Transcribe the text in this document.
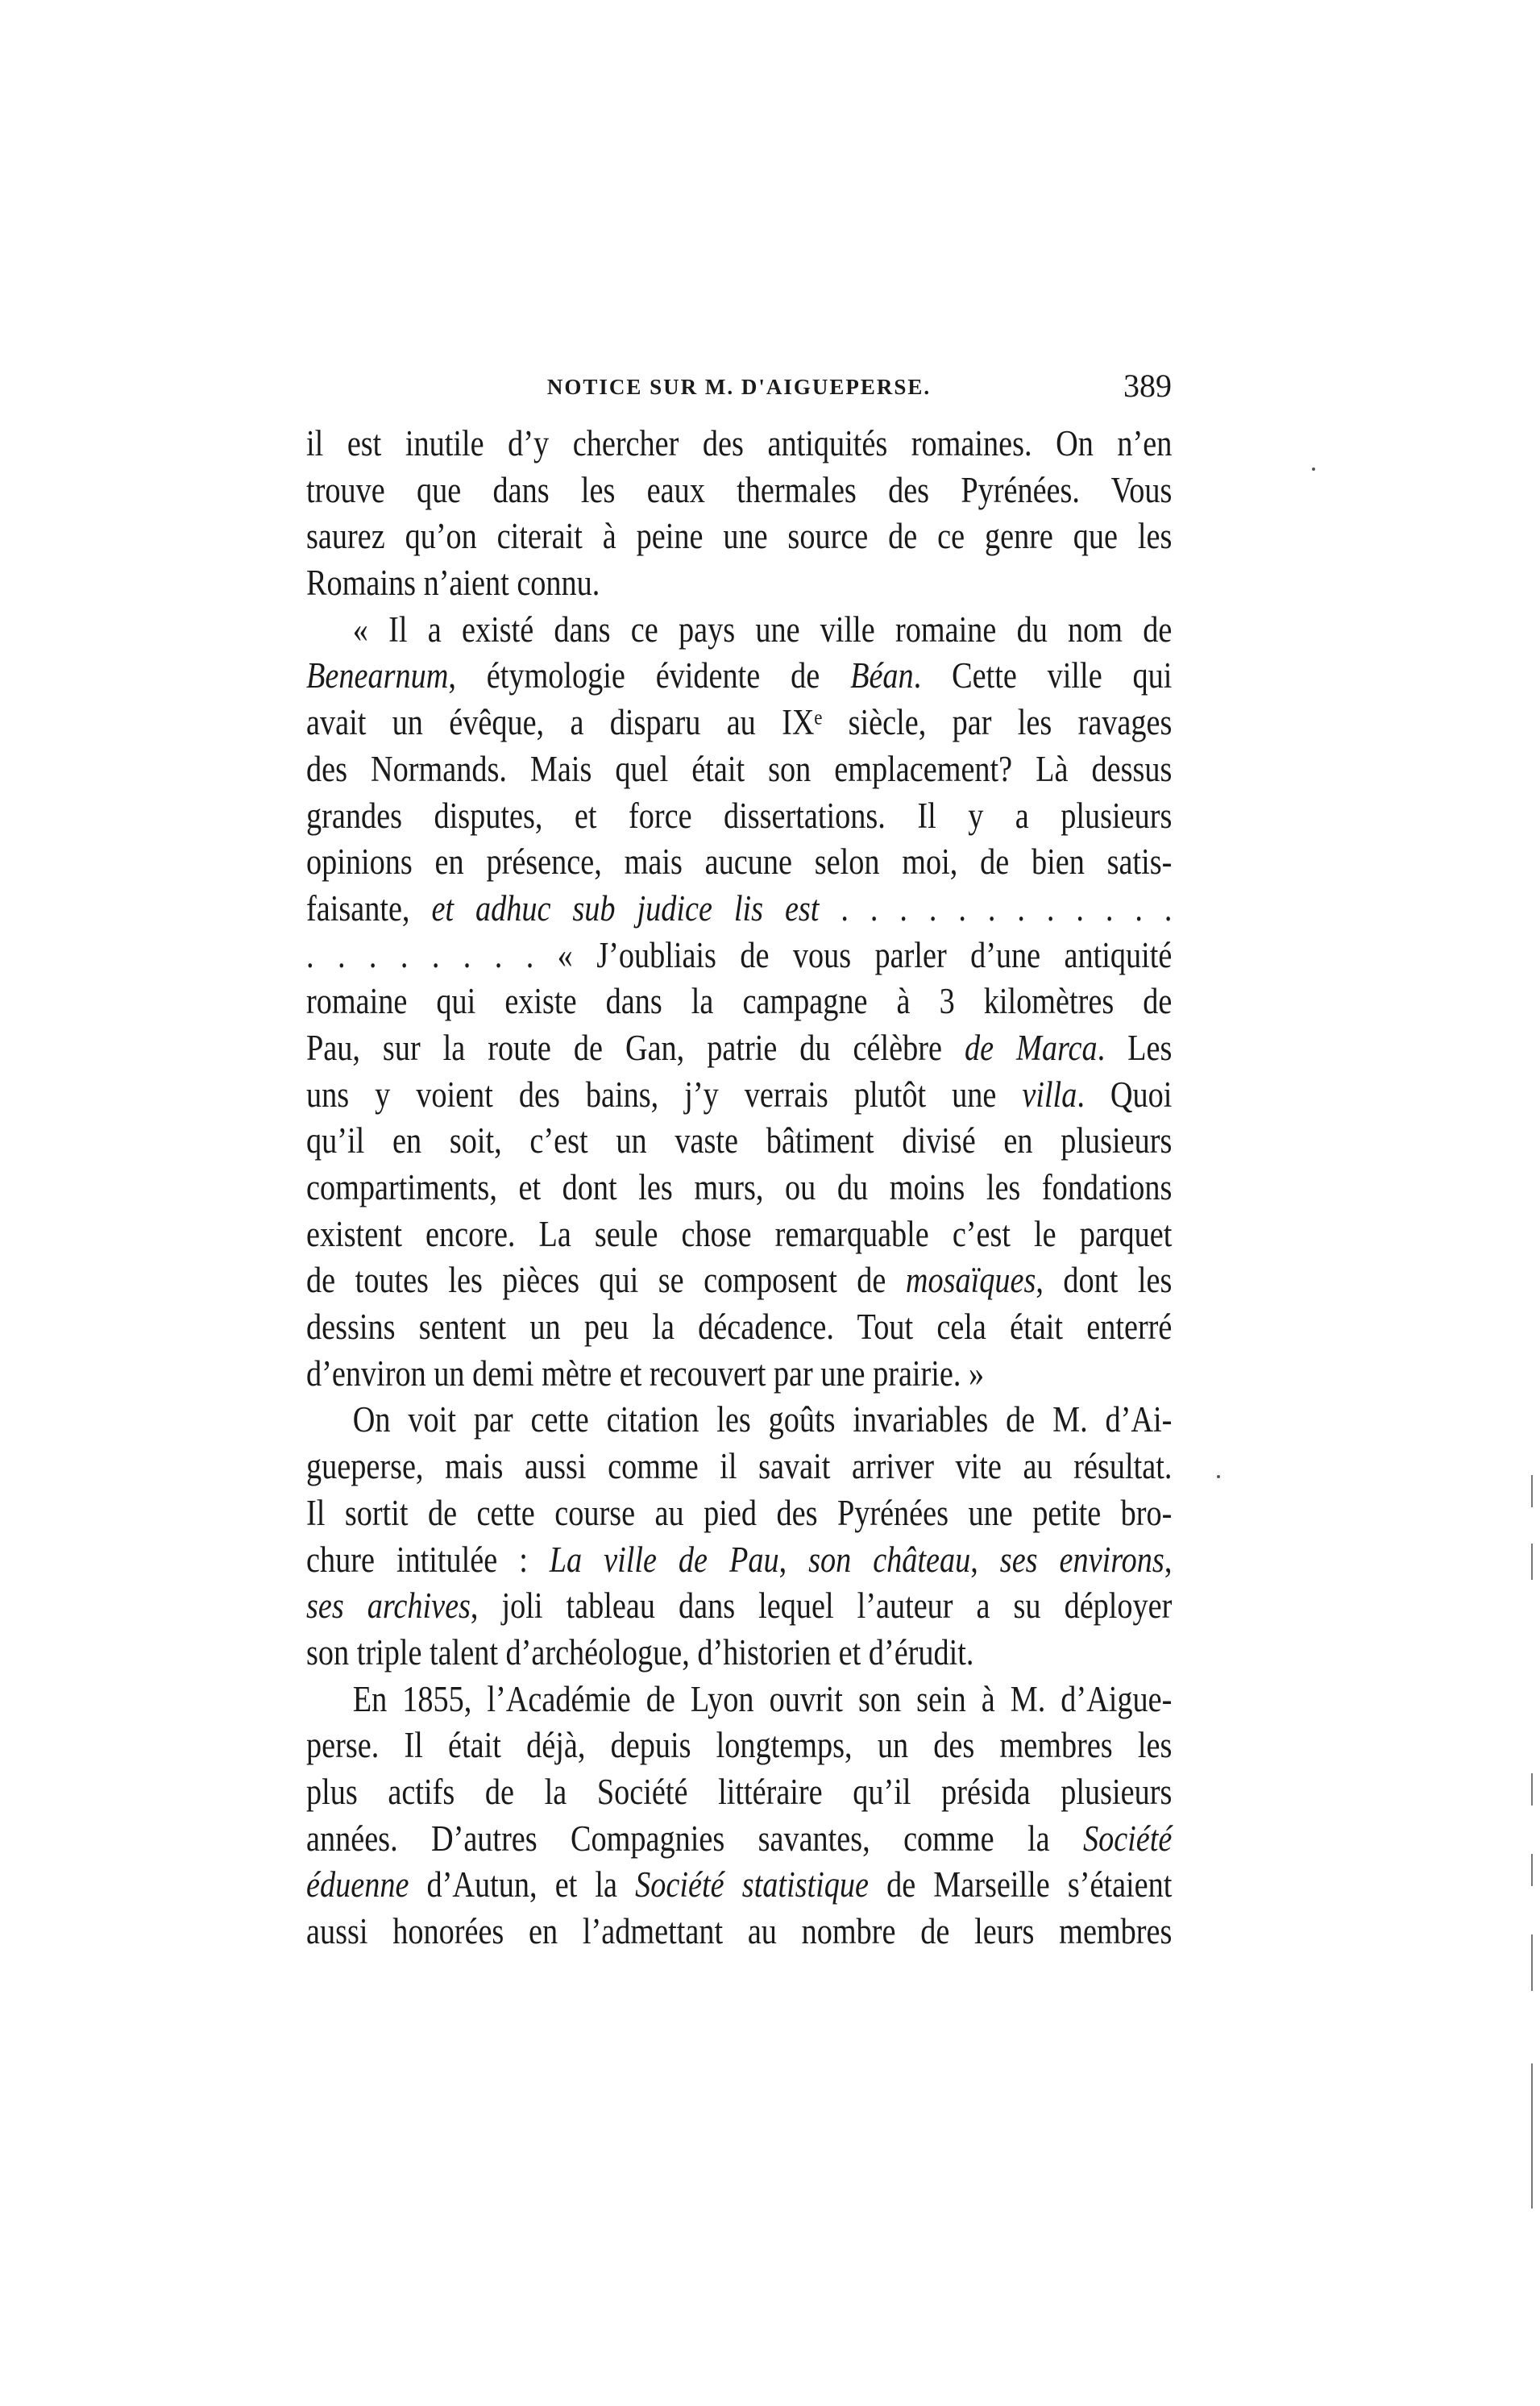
NOTICE SUR M. D'AIGUEPERSE.	389
il est inutile d’y chercher des antiquités romaines. On n’en
trouve que dans les eaux thermales des Pyrénées. Vous
saurez qu’on citerait à peine une source de ce genre que les
Romains n’aient connu.
« Il a existé dans ce pays une ville romaine du nom de
Benearnum, étymologie évidente de Béan. Cette ville qui
avait un évêque, a disparu au IXᵉ siècle, par les ravages
des Normands. Mais quel était son emplacement? Là dessus
grandes disputes, et force dissertations. Il y a plusieurs
opinions en présence, mais aucune selon moi, de bien satis-
faisante, et adhuc sub judice lis est . . . . . . . . . . . .
. . . . . . . . « J’oubliais de vous parler d’une antiquité
romaine qui existe dans la campagne à 3 kilomètres de
Pau, sur la route de Gan, patrie du célèbre de Marca. Les
uns y voient des bains, j’y verrais plutôt une villa. Quoi
qu’il en soit, c’est un vaste bâtiment divisé en plusieurs
compartiments, et dont les murs, ou du moins les fondations
existent encore. La seule chose remarquable c’est le parquet
de toutes les pièces qui se composent de mosaïques, dont les
dessins sentent un peu la décadence. Tout cela était enterré
d’environ un demi mètre et recouvert par une prairie. »
On voit par cette citation les goûts invariables de M. d’Ai-
gueperse, mais aussi comme il savait arriver vite au résultat.
Il sortit de cette course au pied des Pyrénées une petite bro-
chure intitulée : La ville de Pau, son château, ses environs,
ses archives, joli tableau dans lequel l’auteur a su déployer
son triple talent d’archéologue, d’historien et d’érudit.
En 1855, l’Académie de Lyon ouvrit son sein à M. d’Aigue-
perse. Il était déjà, depuis longtemps, un des membres les
plus actifs de la Société littéraire qu’il présida plusieurs
années. D’autres Compagnies savantes, comme la Société
éduenne d’Autun, et la Société statistique de Marseille s’étaient
aussi honorées en l’admettant au nombre de leurs membres
